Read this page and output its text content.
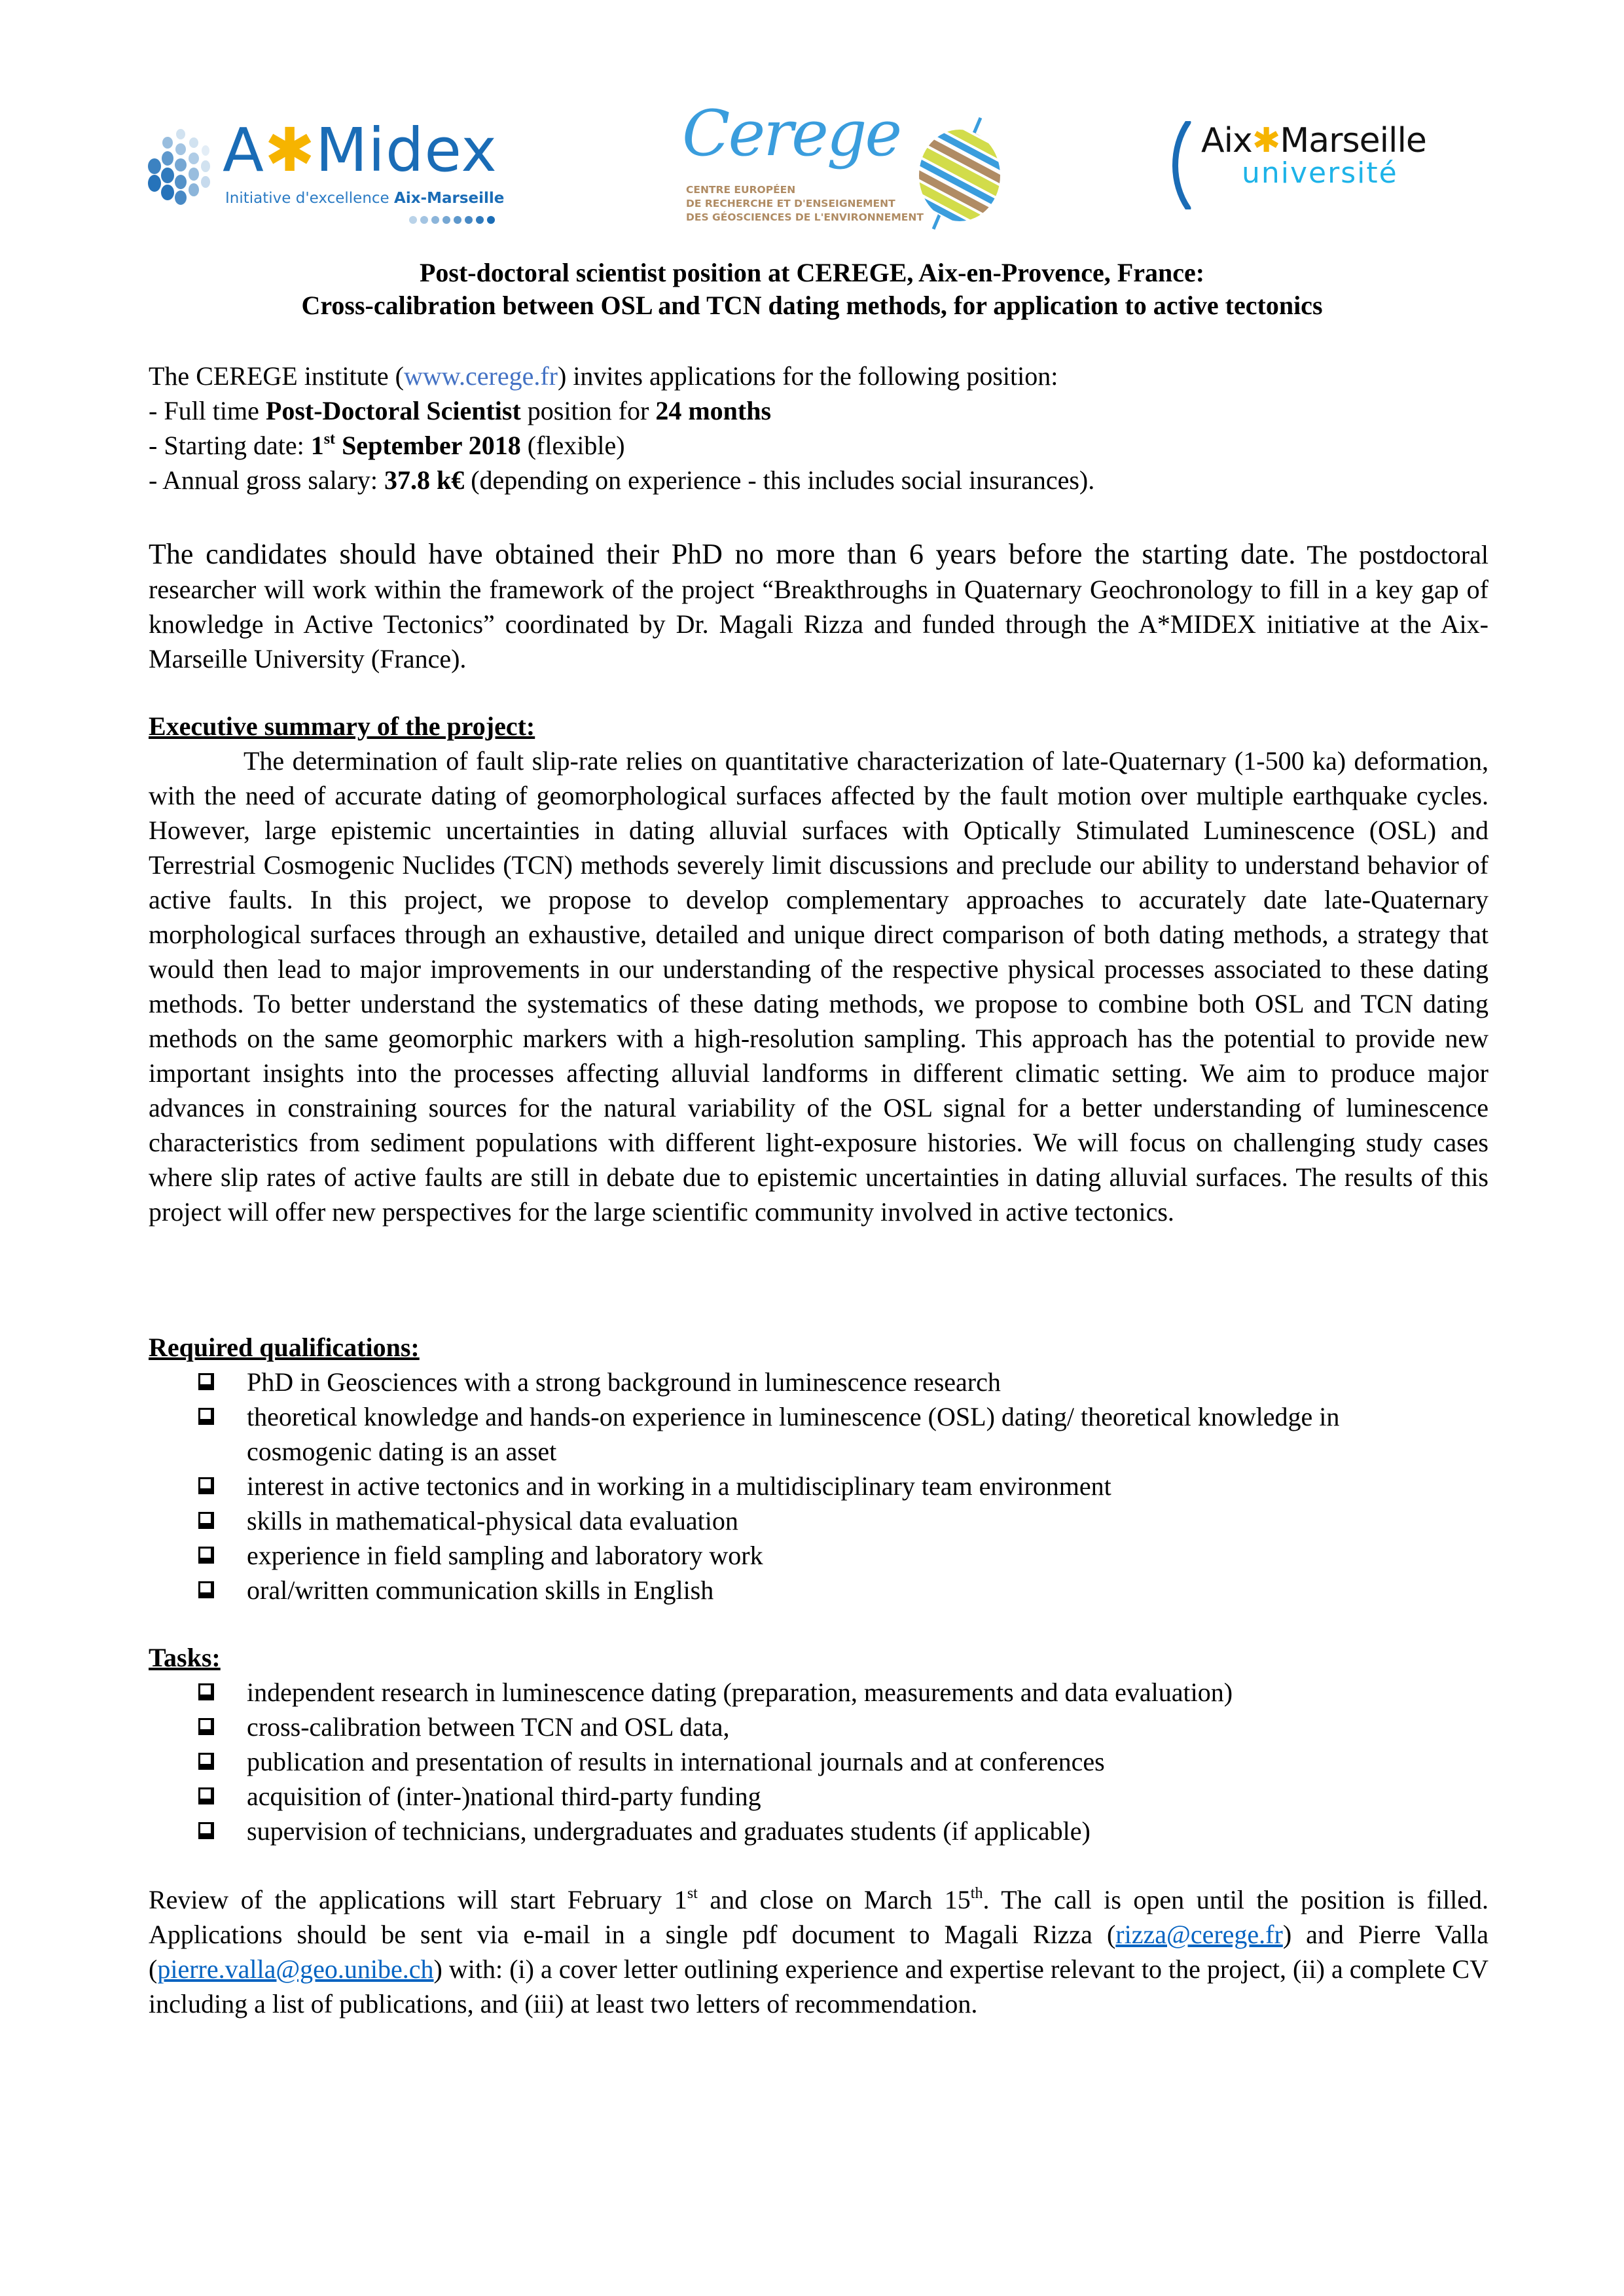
A✱Midex
Initiative d'excellence Aix-Marseille
Cerege
CENTRE EUROPÉEN
DE RECHERCHE ET D'ENSEIGNEMENT
DES GÉOSCIENCES DE L'ENVIRONNEMENT
Aix✱Marseille
université
Post-doctoral scientist position at CEREGE, Aix-en-Provence, France:
Cross-calibration between OSL and TCN dating methods, for application to active tectonics
The CEREGE institute (www.cerege.fr) invites applications for the following position:
- Full time Post-Doctoral Scientist position for 24 months
- Starting date: 1st September 2018 (flexible)
- Annual gross salary: 37.8 k€ (depending on experience - this includes social insurances).
The candidates should have obtained their PhD no more than 6 years before the starting date. The postdoctoral researcher will work within the framework of the project “Breakthroughs in Quaternary Geochronology to fill in a key gap of knowledge in Active Tectonics” coordinated by Dr. Magali Rizza and funded through the A*MIDEX initiative at the Aix-Marseille University (France).
Executive summary of the project:
The determination of fault slip-rate relies on quantitative characterization of late-Quaternary (1-500 ka) deformation, with the need of accurate dating of geomorphological surfaces affected by the fault motion over multiple earthquake cycles. However, large epistemic uncertainties in dating alluvial surfaces with Optically Stimulated Luminescence (OSL) and Terrestrial Cosmogenic Nuclides (TCN) methods severely limit discussions and preclude our ability to understand behavior of active faults. In this project, we propose to develop complementary approaches to accurately date late-Quaternary morphological surfaces through an exhaustive, detailed and unique direct comparison of both dating methods, a strategy that would then lead to major improvements in our understanding of the respective physical processes associated to these dating methods. To better understand the systematics of these dating methods, we propose to combine both OSL and TCN dating methods on the same geomorphic markers with a high-resolution sampling. This approach has the potential to provide new important insights into the processes affecting alluvial landforms in different climatic setting. We aim to produce major advances in constraining sources for the natural variability of the OSL signal for a better understanding of luminescence characteristics from sediment populations with different light-exposure histories. We will focus on challenging study cases where slip rates of active faults are still in debate due to epistemic uncertainties in dating alluvial surfaces. The results of this project will offer new perspectives for the large scientific community involved in active tectonics.
Required qualifications:
PhD in Geosciences with a strong background in luminescence research
theoretical knowledge and hands-on experience in luminescence (OSL) dating/ theoretical knowledge in cosmogenic dating is an asset
interest in active tectonics and in working in a multidisciplinary team environment
skills in mathematical-physical data evaluation
experience in field sampling and laboratory work
oral/written communication skills in English
Tasks:
independent research in luminescence dating (preparation, measurements and data evaluation)
cross-calibration between TCN and OSL data,
publication and presentation of results in international journals and at conferences
acquisition of (inter-)national third-party funding
supervision of technicians, undergraduates and graduates students (if applicable)
Review of the applications will start February 1st and close on March 15th. The call is open until the position is filled. Applications should be sent via e-mail in a single pdf document to Magali Rizza (rizza@cerege.fr) and Pierre Valla (pierre.valla@geo.unibe.ch) with: (i) a cover letter outlining experience and expertise relevant to the project, (ii) a complete CV including a list of publications, and (iii) at least two letters of recommendation.
